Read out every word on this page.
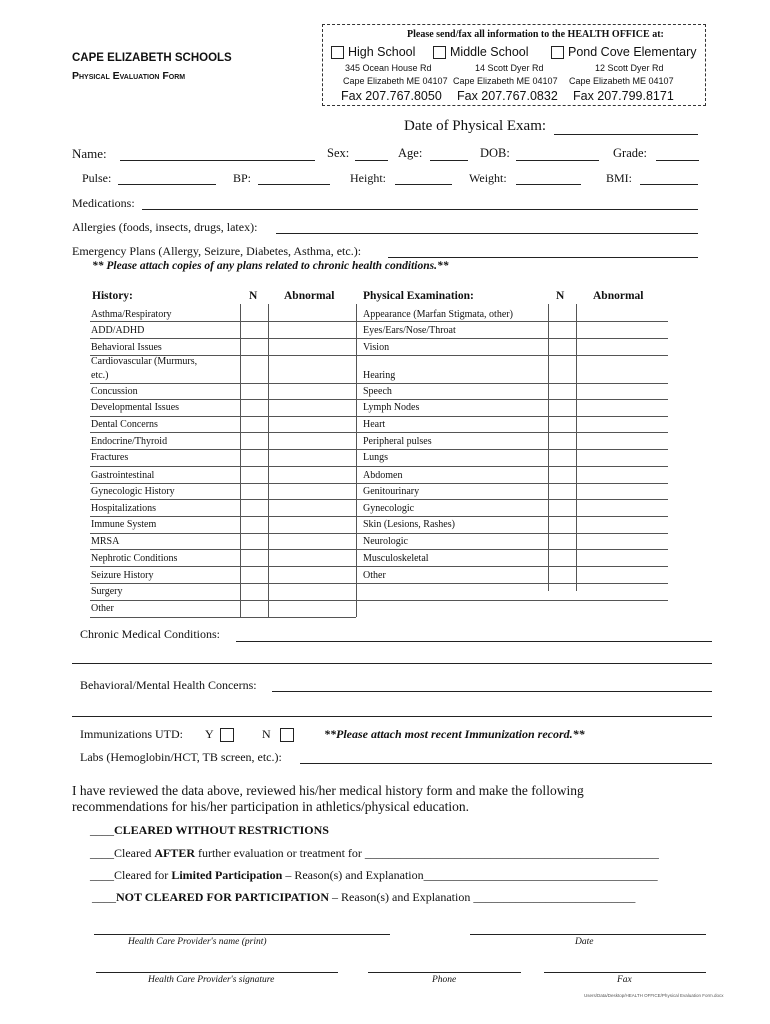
CAPE ELIZABETH SCHOOLS
Physical Evaluation Form
Please send/fax all information to the HEALTH OFFICE at:
High School	Middle School	Pond Cove Elementary
345 Ocean House Rd	14 Scott Dyer Rd	12 Scott Dyer Rd
Cape Elizabeth ME 04107 Cape Elizabeth ME 04107 Cape Elizabeth ME 04107
Fax 207.767.8050 Fax 207.767.0832 Fax 207.799.8171
Date of Physical Exam:
Name:	Sex:	Age:	DOB:	Grade:
Pulse:	BP:	Height:	Weight:	BMI:
Medications:
Allergies (foods, insects, drugs, latex):
Emergency Plans (Allergy, Seizure, Diabetes, Asthma, etc.):
** Please attach copies of any plans related to chronic health conditions.**
History:	N Abnormal Physical Examination:	N Abnormal
Asthma/Respiratory
ADD/ADHD
Behavioral Issues
Cardiovascular (Murmurs,
etc.)
Concussion
Developmental Issues
Dental Concerns
Endocrine/Thyroid
Fractures
Gastrointestinal
Gynecologic History
Hospitalizations
Immune System
MRSA
Nephrotic Conditions
Seizure History
Surgery
Other
Appearance (Marfan Stigmata, other)
Eyes/Ears/Nose/Throat
Vision
Hearing
Speech
Lymph Nodes
Heart
Peripheral pulses
Lungs
Abdomen
Genitourinary
Gynecologic
Skin (Lesions, Rashes)
Neurologic
Musculoskeletal
Other
Chronic Medical Conditions:
Behavioral/Mental Health Concerns:
Immunizations UTD: Y	N	**Please attach most recent Immunization record.**
Labs (Hemoglobin/HCT, TB screen, etc.):
I have reviewed the data above, reviewed his/her medical history form and make the following
recommendations for his/her participation in athletics/physical education.
____CLEARED WITHOUT RESTRICTIONS
____Cleared AFTER further evaluation or treatment for _________________________________________________
____Cleared for Limited Participation – Reason(s) and Explanation_______________________________________
____NOT CLEARED FOR PARTICIPATION – Reason(s) and Explanation ___________________________
Health Care Provider's name (print)	Date
Health Care Provider's signature	Phone	Fax
Users/Data/Desktop/HEALTH OFFICE/Physical Evaluation Form.docx
